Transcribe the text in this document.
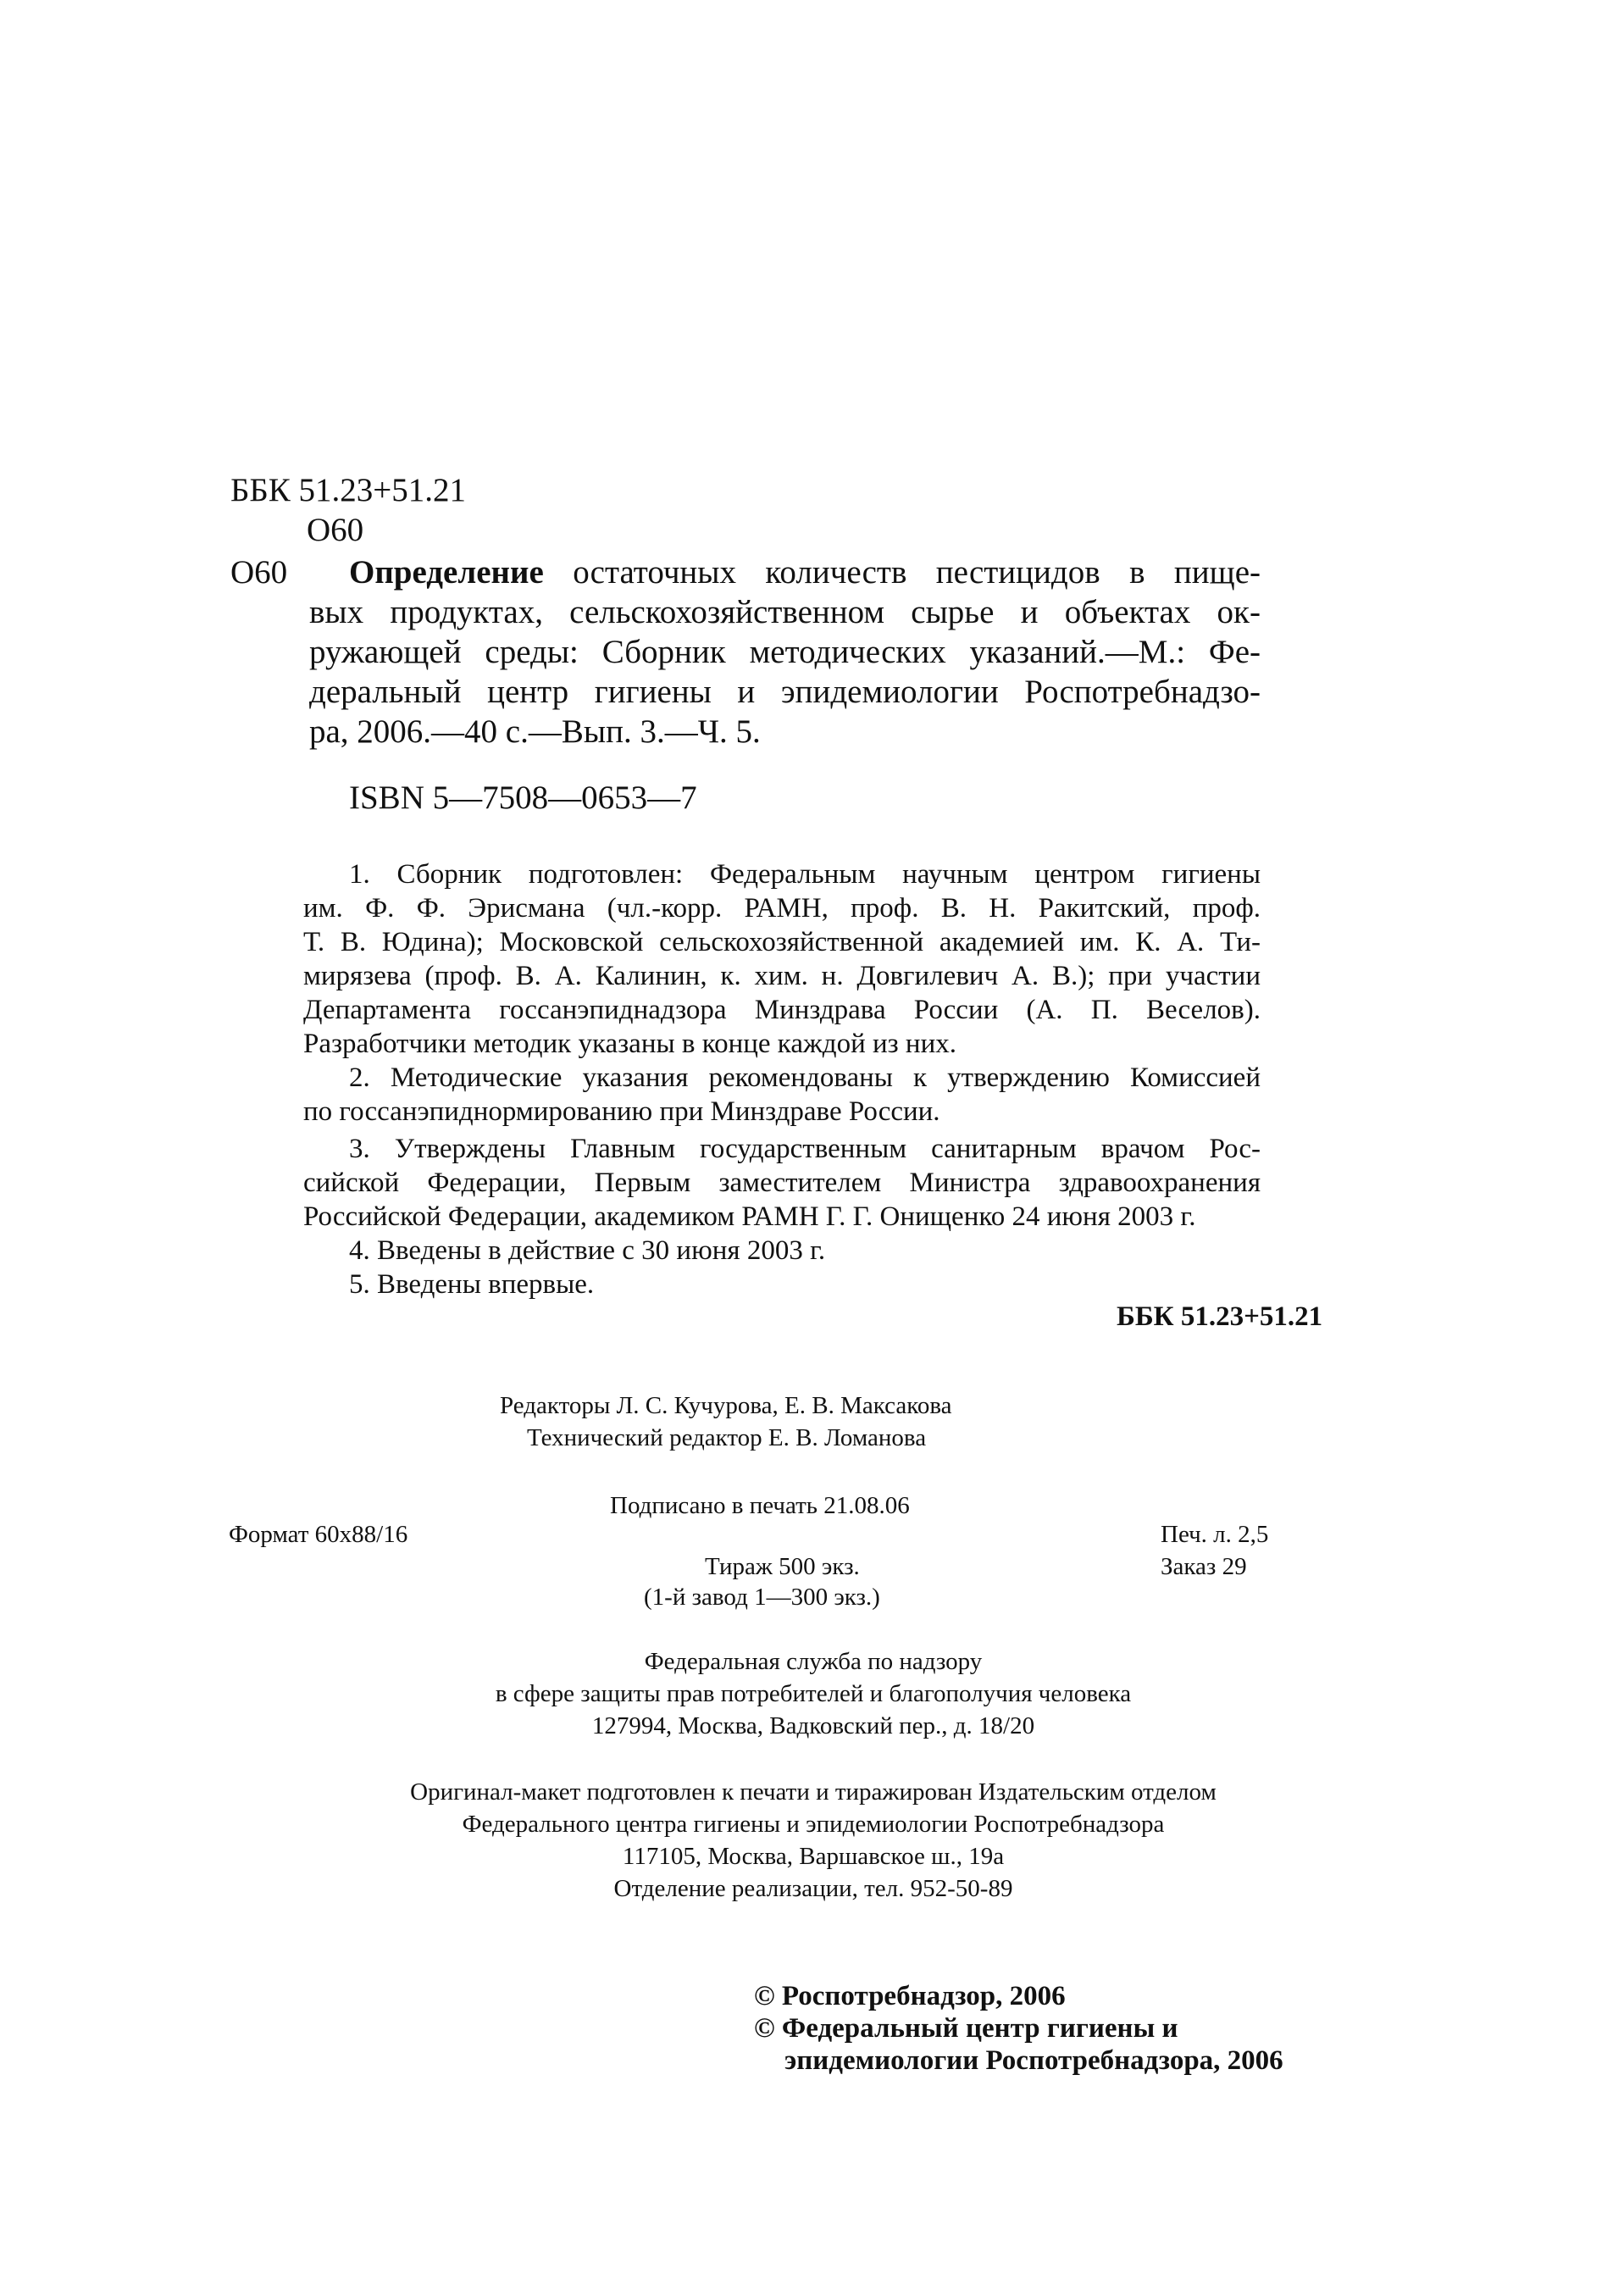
ББК 51.23+51.21
О60
О60 Определение остаточных количеств пестицидов в пище-
вых продуктах, сельскохозяйственном сырье и объектах ок-
ружающей среды: Сборник методических указаний.—М.: Фе-
деральный центр гигиены и эпидемиологии Роспотребнадзо-
ра, 2006.—40 с.—Вып. 3.—Ч. 5.
ISBN 5—7508—0653—7
1. Сборник подготовлен: Федеральным научным центром гигиены
им. Ф. Ф. Эрисмана (чл.-корр. РАМН, проф. В. Н. Ракитский, проф.
Т. В. Юдина); Московской сельскохозяйственной академией им. К. А. Ти-
мирязева (проф. В. А. Калинин, к. хим. н. Довгилевич А. В.); при участии
Департамента госсанэпиднадзора Минздрава России (А. П. Веселов).
Разработчики методик указаны в конце каждой из них.
2. Методические указания рекомендованы к утверждению Комиссией
по госсанэпиднормированию при Минздраве России.
3. Утверждены Главным государственным санитарным врачом Рос-
сийской Федерации, Первым заместителем Министра здравоохранения
Российской Федерации, академиком РАМН Г. Г. Онищенко 24 июня 2003 г.
4. Введены в действие с 30 июня 2003 г.
5. Введены впервые.
ББК 51.23+51.21
Редакторы Л. С. Кучурова, Е. В. Максакова
Технический редактор Е. В. Ломанова
Подписано в печать 21.08.06
Формат 60х88/16	Печ. л. 2,5
Тираж 500 экз.	Заказ 29
(1-й завод 1—300 экз.)
Федеральная служба по надзору
в сфере защиты прав потребителей и благополучия человека
127994, Москва, Вадковский пер., д. 18/20
Оригинал-макет подготовлен к печати и тиражирован Издательским отделом
Федерального центра гигиены и эпидемиологии Роспотребнадзора
117105, Москва, Варшавское ш., 19а
Отделение реализации, тел. 952-50-89
© Роспотребнадзор, 2006
© Федеральный центр гигиены и
эпидемиологии Роспотребнадзора, 2006
